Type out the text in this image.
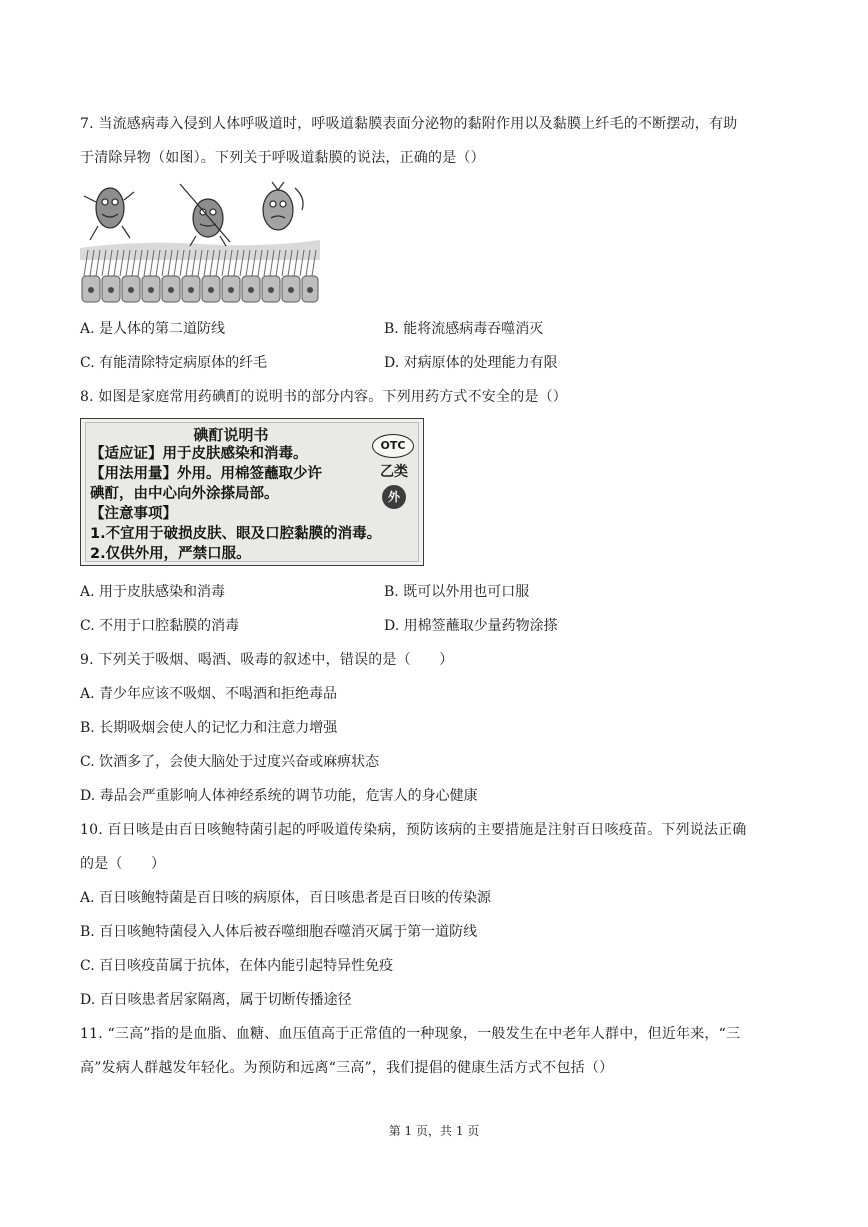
7. 当流感病毒入侵到人体呼吸道时，呼吸道黏膜表面分泌物的黏附作用以及黏膜上纤毛的不断摆动，有助
于清除异物（如图）。下列关于呼吸道黏膜的说法，正确的是（）
A. 是人体的第二道防线	B. 能将流感病毒吞噬消灭
C. 有能清除特定病原体的纤毛	D. 对病原体的处理能力有限
8. 如图是家庭常用药碘酊的说明书的部分内容。下列用药方式不安全的是（）
碘酊说明书
【适应证】用于皮肤感染和消毒。
【用法用量】外用。用棉签蘸取少许
碘酊，由中心向外涂搽局部。
【注意事项】
1.不宜用于破损皮肤、眼及口腔黏膜的消毒。
2.仅供外用，严禁口服。
OTC
乙类
外
A. 用于皮肤感染和消毒	B. 既可以外用也可口服
C. 不用于口腔黏膜的消毒	D. 用棉签蘸取少量药物涂搽
9. 下列关于吸烟、喝酒、吸毒的叙述中，错误的是（　　）
A. 青少年应该不吸烟、不喝酒和拒绝毒品
B. 长期吸烟会使人的记忆力和注意力增强
C. 饮酒多了，会使大脑处于过度兴奋或麻痹状态
D. 毒品会严重影响人体神经系统的调节功能，危害人的身心健康
10. 百日咳是由百日咳鲍特菌引起的呼吸道传染病，预防该病的主要措施是注射百日咳疫苗。下列说法正确
的是（　　）
A. 百日咳鲍特菌是百日咳的病原体，百日咳患者是百日咳的传染源
B. 百日咳鲍特菌侵入人体后被吞噬细胞吞噬消灭属于第一道防线
C. 百日咳疫苗属于抗体，在体内能引起特异性免疫
D. 百日咳患者居家隔离，属于切断传播途径
11. “三高”指的是血脂、血糖、血压值高于正常值的一种现象，一般发生在中老年人群中，但近年来，“三
高”发病人群越发年轻化。为预防和远离“三高”，我们提倡的健康生活方式不包括（）
第 1 页，共 1 页
